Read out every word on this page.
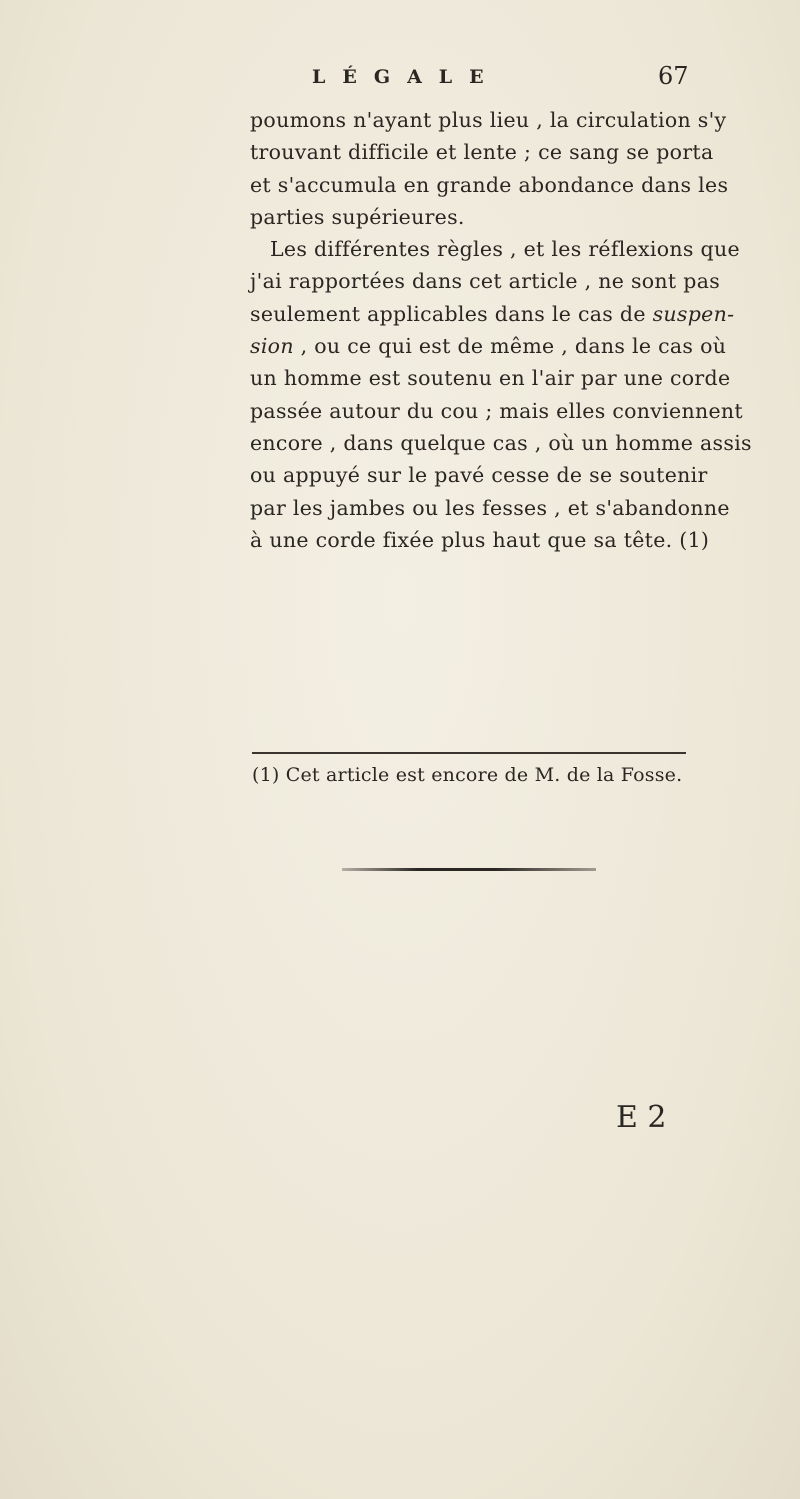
LÉGALE	67
poumons n'ayant plus lieu , la circulation s'y
trouvant difficile et lente ; ce sang se porta
et s'accumula en grande abondance dans les
parties supérieures.
Les différentes règles , et les réflexions que
j'ai rapportées dans cet article , ne sont pas
seulement applicables dans le cas de suspen-
sion , ou ce qui est de même , dans le cas où
un homme est soutenu en l'air par une corde
passée autour du cou ; mais elles conviennent
encore , dans quelque cas , où un homme assis
ou appuyé sur le pavé cesse de se soutenir
par les jambes ou les fesses , et s'abandonne
à une corde fixée plus haut que sa tête. (1)
(1) Cet article est encore de M. de la Fosse.
E 2
